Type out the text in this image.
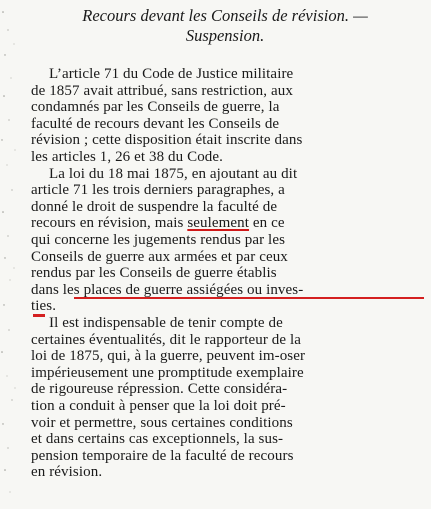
Recours devant les Conseils de révision. —
Suspension.
L’article 71 du Code de Justice militaire
de 1857 avait attribué, sans restriction, aux
condamnés par les Conseils de guerre, la
faculté de recours devant les Conseils de
révision ; cette disposition était inscrite dans
les articles 1, 26 et 38 du Code.
La loi du 18 mai 1875, en ajoutant au dit
article 71 les trois derniers paragraphes, a
donné le droit de suspendre la faculté de
recours en révision, mais seulement en ce
qui concerne les jugements rendus par les
Conseils de guerre aux armées et par ceux
rendus par les Conseils de guerre établis
dans les places de guerre assiégées ou inves-
ties.
Il est indispensable de tenir compte de
certaines éventualités, dit le rapporteur de la
loi de 1875, qui, à la guerre, peuvent im-oser
impérieusement une promptitude exemplaire
de rigoureuse répression. Cette considéra-
tion a conduit à penser que la loi doit pré-
voir et permettre, sous certaines conditions
et dans certains cas exceptionnels, la sus-
pension temporaire de la faculté de recours
en révision.
